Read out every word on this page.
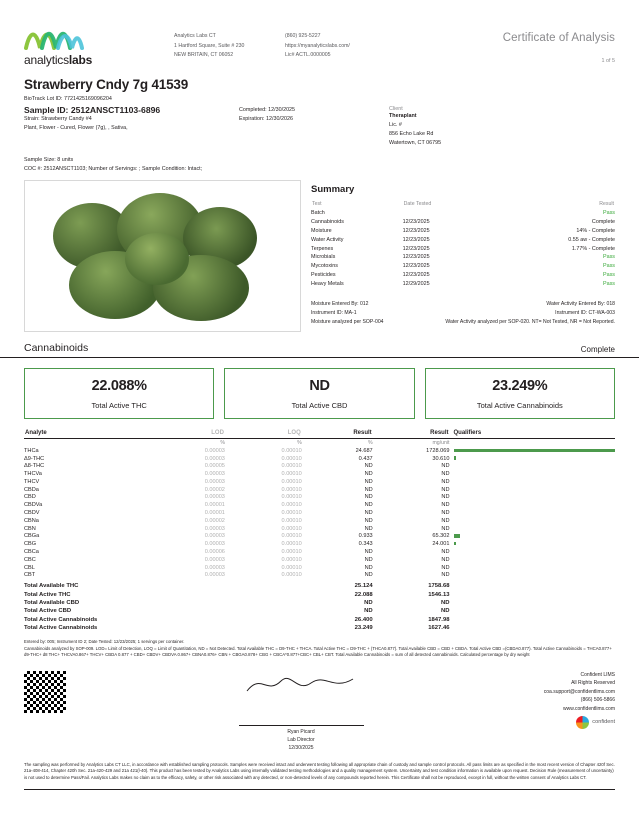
analyticslabs
Analytics Labs CT
1 Hartford Square, Suite # 230
NEW BRITAIN, CT 06052
(860) 925-5227
https://myanalyticslabs.com/
Lic# ACTL.0000005
Certificate of Analysis
1 of 5
Strawberry Cndy 7g 41539
BioTrack Lot ID: 7721425169096204
Sample ID: 2512ANSCT1103-6896
Strain: Strawberry Candy #4
Plant, Flower - Cured, Flower (7g), , Sativa,
Completed: 12/30/2025
Expiration: 12/30/2026
Client
Theraplant
Lic. #
856 Echo Lake Rd
Watertown, CT 06795
Sample Size: 8 units
COC #: 2512ANSCT1103; Number of Servings: ; Sample Condition: Intact;
Summary
Test	Date Tested	Result
Batch		Pass
Cannabinoids	12/23/2025	Complete
Moisture	12/23/2025	14% - Complete
Water Activity	12/23/2025	0.55 aw - Complete
Terpenes	12/23/2025	1.77% - Complete
Microbials	12/23/2025	Pass
Mycotoxins	12/23/2025	Pass
Pesticides	12/23/2025	Pass
Heavy Metals	12/29/2025	Pass
Moisture Entered By: 012
Instrument ID: MA-1
Moisture analyzed per SOP-004
Water Activity Entered By: 018
Instrument ID: CT-WA-003
Water Activity analyzed per SOP-020. NT= Not Tested, NR = Not Reported.
Cannabinoids	Complete
22.088%
Total Active THC
ND
Total Active CBD
23.249%
Total Active Cannabinoids
Analyte	LOD	LOQ	Result	Result	Qualifiers
	%	%	%	mg/unit	
THCa	0.00003	0.00010	24.687	1728.069	
Δ9-THC	0.00003	0.00010	0.437	30.610	
Δ8-THC	0.00005	0.00010	ND	ND	
THCVa	0.00003	0.00010	ND	ND	
THCV	0.00003	0.00010	ND	ND	
CBDa	0.00002	0.00010	ND	ND	
CBD	0.00003	0.00010	ND	ND	
CBDVa	0.00001	0.00010	ND	ND	
CBDV	0.00001	0.00010	ND	ND	
CBNa	0.00002	0.00010	ND	ND	
CBN	0.00003	0.00010	ND	ND	
CBGa	0.00003	0.00010	0.933	65.302	
CBG	0.00003	0.00010	0.343	24.001	
CBCa	0.00006	0.00010	ND	ND	
CBC	0.00003	0.00010	ND	ND	
CBL	0.00003	0.00010	ND	ND	
CBT	0.00003	0.00010	ND	ND	
Total Available THC			25.124	1758.68	
Total Active THC			22.088	1546.13	
Total Available CBD			ND	ND	
Total Active CBD			ND	ND	
Total Active Cannabinoids			26.400	1847.98	
Total Active Cannabinoids			23.249	1627.46	
Entered by: 005; Instrument ID 2; Date Tested: 12/23/2025; 1 servings per container.
Cannabinoids analyzed by SOP-009. LOD= Limit of Detection, LOQ = Limit of Quantitation, ND = Not Detected. Total Available THC = D9-THC + THCA. Total Active THC = D9-THC + (THCA0.877). Total Available CBD = CBD + CBDA. Total Active CBD =(CBDA0.877). Total Active Cannabinoids = THCA0.877+ d9-THC+ d8 THC+ THCVA0.867+ THCV+ CBDA 0.877 + CBD+ CBDV+ CBDVA 0.867+ CBNA0.876+ CBN + CBGA0.878+ CBG + CBCA*0.877+CBC+ CBL+ CBT. Total Available Cannabinoids = sum of all detected cannabinoids. Calculated percentage by dry weight
Ryan Picard
Lab Director
12/30/2025
Confident LIMS
All Rights Reserved
coa.support@confidentlims.com
(866) 506-5866
www.confidentlims.com
confident
The sampling was performed by Analytics Labs CT LLC, in accordance with established sampling protocols. Samples were received intact and underwent testing following all appropriate chain of custody and sample control protocols. All pass limits are as specified in the most recent version of Chapter 420f Sec. 21a-408-414, Chapter 420h Sec. 21a-420-429 and 21a 421(l-40). This product has been tested by Analytics Labs using internally validated testing methodologies and a quality management system. Uncertainty and test condition information is available upon request. Decision Rule (measurement of uncertainty) is not used to determine Pass/Fail. Analytics Labs makes no claim as to the efficacy, safety, or other risk associated with any detected, or non-detected levels of any compounds reported herein. This Certificate shall not be reproduced, except in full, without the written consent of Analytics Labs CT.
